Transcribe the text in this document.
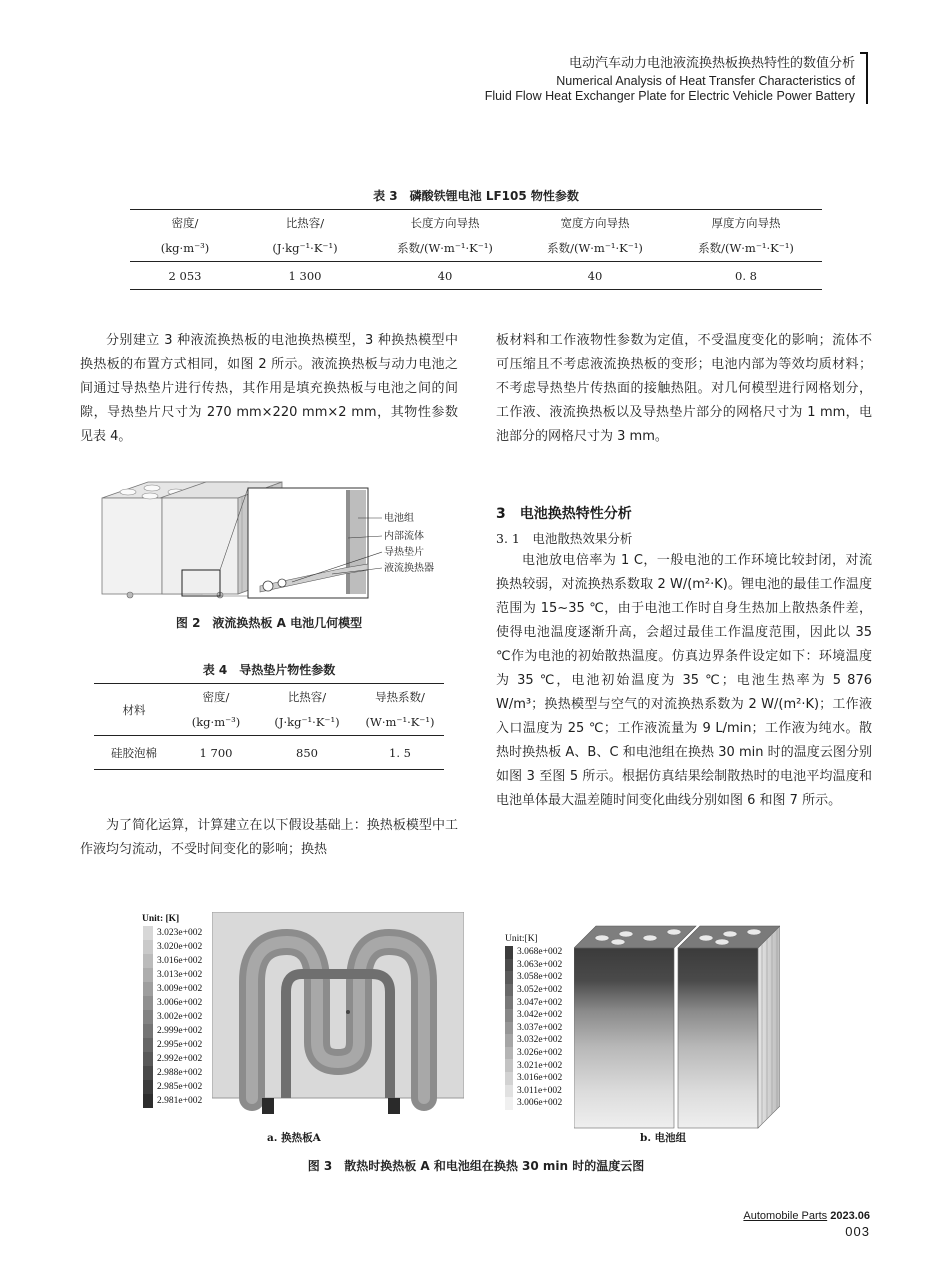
电动汽车动力电池液流换热板换热特性的数值分析
Numerical Analysis of Heat Transfer Characteristics of
Fluid Flow Heat Exchanger Plate for Electric Vehicle Power Battery
表 3　磷酸铁锂电池 LF105 物性参数
密度/	比热容/	长度方向导热	宽度方向导热	厚度方向导热
(kg·m⁻³)	(J·kg⁻¹·K⁻¹)	系数/(W·m⁻¹·K⁻¹)	系数/(W·m⁻¹·K⁻¹)	系数/(W·m⁻¹·K⁻¹)
2 053	1 300	40	40	0. 8

分别建立 3 种液流换热板的电池换热模型，3 种换热模型中换热板的布置方式相同，如图 2 所示。液流换热板与动力电池之间通过导热垫片进行传热，其作用是填充换热板与电池之间的间隙，导热垫片尺寸为 270 mm×220 mm×2 mm，其物性参数见表 4。

电池组
内部流体
导热垫片
液流换热器
图 2　液流换热板 A 电池几何模型
表 4　导热垫片物性参数
材料	密度/	比热容/	导热系数/
	(kg·m⁻³)	(J·kg⁻¹·K⁻¹)	(W·m⁻¹·K⁻¹)
硅胶泡棉	1 700	850	1. 5

为了简化运算，计算建立在以下假设基础上：换热板模型中工作液均匀流动，不受时间变化的影响；换热

板材料和工作液物性参数为定值，不受温度变化的影响；流体不可压缩且不考虑液流换热板的变形；电池内部为等效均质材料；不考虑导热垫片传热面的接触热阻。对几何模型进行网格划分，工作液、液流换热板以及导热垫片部分的网格尺寸为 1 mm，电池部分的网格尺寸为 3 mm。

3　电池换热特性分析
3. 1　电池散热效果分析

电池放电倍率为 1 C，一般电池的工作环境比较封闭，对流换热较弱，对流换热系数取 2 W/(m²·K)。锂电池的最佳工作温度范围为 15~35 ℃，由于电池工作时自身生热加上散热条件差，使得电池温度逐渐升高，会超过最佳工作温度范围，因此以 35 ℃作为电池的初始散热温度。仿真边界条件设定如下：环境温度为 35 ℃，电池初始温度为 35 ℃；电池生热率为 5 876 W/m³；换热模型与空气的对流换热系数为 2 W/(m²·K)；工作液入口温度为 25 ℃；工作液流量为 9 L/min；工作液为纯水。散热时换热板 A、B、C 和电池组在换热 30 min 时的温度云图分别如图 3 至图 5 所示。根据仿真结果绘制散热时的电池平均温度和电池单体最大温差随时间变化曲线分别如图 6 和图 7 所示。

Unit: [K]
3.023e+002
3.020e+002
3.016e+002
3.013e+002
3.009e+002
3.006e+002
3.002e+002
2.999e+002
2.995e+002
2.992e+002
2.988e+002
2.985e+002
2.981e+002
a. 换热板A
Unit:[K]
3.068e+002
3.063e+002
3.058e+002
3.052e+002
3.047e+002
3.042e+002
3.037e+002
3.032e+002
3.026e+002
3.021e+002
3.016e+002
3.011e+002
3.006e+002
b. 电池组
图 3　散热时换热板 A 和电池组在换热 30 min 时的温度云图
Automobile Parts 2023.06
003
